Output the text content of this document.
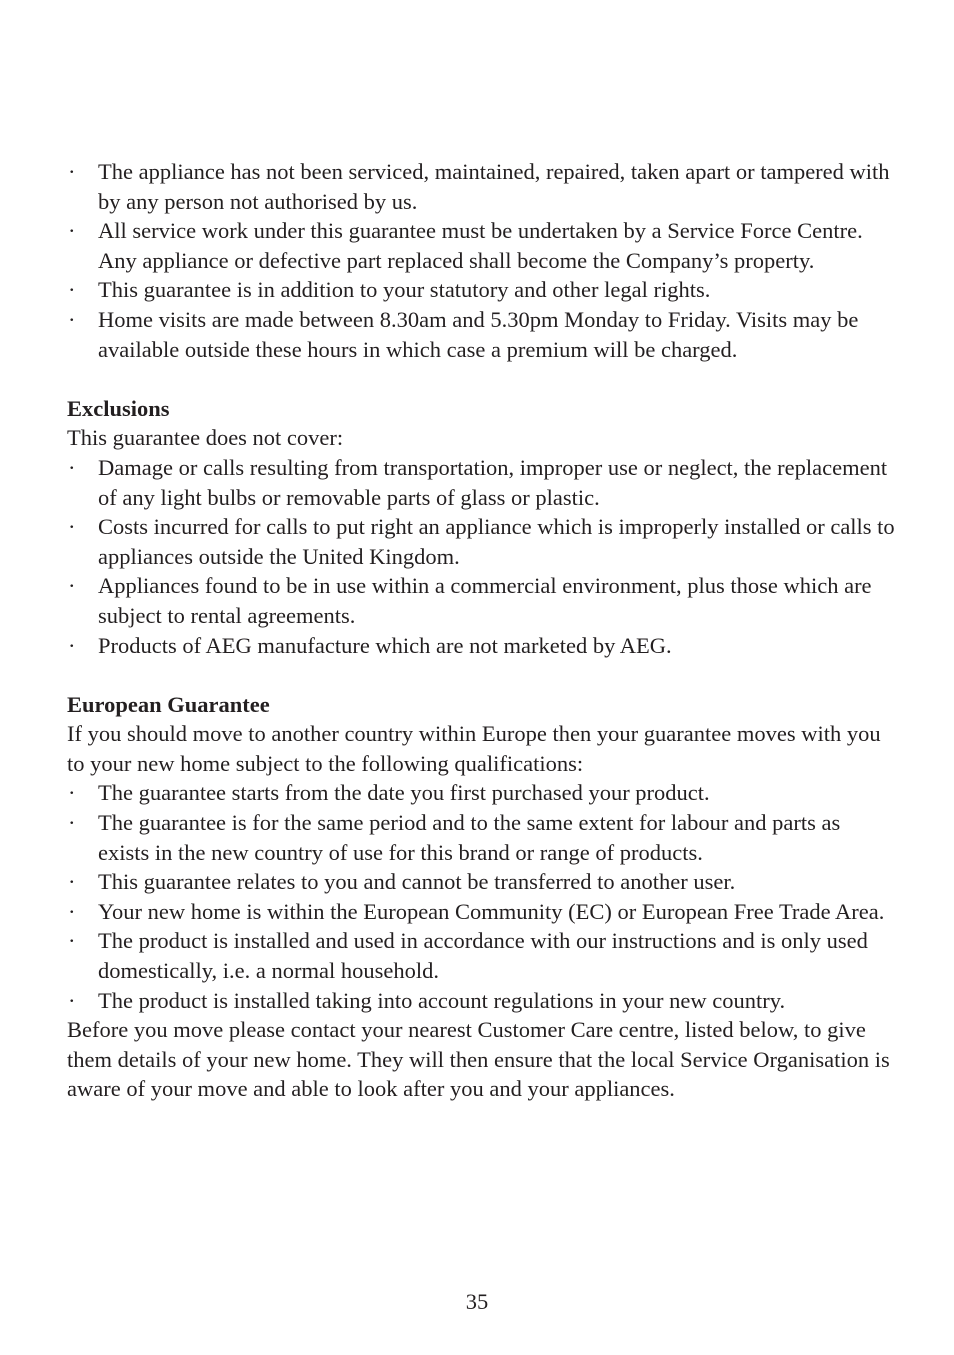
·	The appliance has not been serviced, maintained, repaired, taken apart or tampered with by any person not authorised by us.
·	All service work under this guarantee must be undertaken by a Service Force Centre. Any appliance or defective part replaced shall become the Company’s property.
·	This guarantee is in addition to your statutory and other legal rights.
·	Home visits are made between 8.30am and 5.30pm Monday to Friday. Visits may be available outside these hours in which case a premium will be charged.

Exclusions

This guarantee does not cover:

·	Damage or calls resulting from transportation, improper use or neglect, the replacement of any light bulbs or removable parts of glass or plastic.
·	Costs incurred for calls to put right an appliance which is improperly installed or calls to appliances outside the United Kingdom.
·	Appliances found to be in use within a commercial environment, plus those which are subject to rental agreements.
·	Products of AEG manufacture which are not marketed by AEG.

European Guarantee

If you should move to another country within Europe then your guarantee moves with you to your new home subject to the following qualifications:

·	The guarantee starts from the date you first purchased your product.
·	The guarantee is for the same period and to the same extent for labour and parts as exists in the new country of use for this brand or range of products.
·	This guarantee relates to you and cannot be transferred to another user.
·	Your new home is within the European Community (EC) or European Free Trade Area.
·	The product is installed and used in accordance with our instructions and is only used domestically, i.e. a normal household.
·	The product is installed taking into account regulations in your new country.

Before you move please contact your nearest Customer Care centre, listed below, to give them details of your new home. They will then ensure that the local Service Organisation is aware of your move and able to look after you and your appliances.

35
